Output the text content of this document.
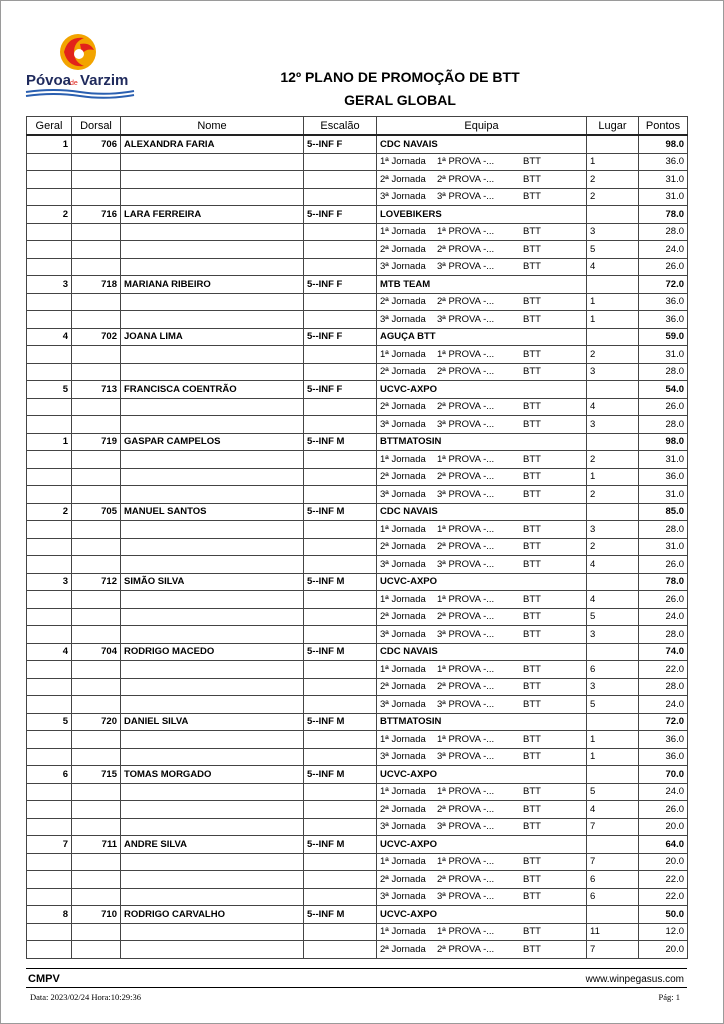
Póvoa
de Varzim	12º PLANO DE PROMOÇÃO DE BTT
GERAL GLOBAL
Geral	Dorsal	Nome	Escalão	Equipa	Lugar	Pontos
1	706	ALEXANDRA FARIA	5--INF F	CDC NAVAIS		98.0
				1ª Jornada 1ª PROVA -... BTT	1	36.0
				2ª Jornada 2ª PROVA -... BTT	2	31.0
				3ª Jornada 3ª PROVA -... BTT	2	31.0
2	716	LARA FERREIRA	5--INF F	LOVEBIKERS		78.0
				1ª Jornada 1ª PROVA -... BTT	3	28.0
				2ª Jornada 2ª PROVA -... BTT	5	24.0
				3ª Jornada 3ª PROVA -... BTT	4	26.0
3	718	MARIANA RIBEIRO	5--INF F	MTB TEAM		72.0
				2ª Jornada 2ª PROVA -... BTT	1	36.0
				3ª Jornada 3ª PROVA -... BTT	1	36.0
4	702	JOANA LIMA	5--INF F	AGUÇA BTT		59.0
				1ª Jornada 1ª PROVA -... BTT	2	31.0
				2ª Jornada 2ª PROVA -... BTT	3	28.0
5	713	FRANCISCA COENTRÃO	5--INF F	UCVC-AXPO		54.0
				2ª Jornada 2ª PROVA -... BTT	4	26.0
				3ª Jornada 3ª PROVA -... BTT	3	28.0
1	719	GASPAR CAMPELOS	5--INF M	BTTMATOSIN		98.0
				1ª Jornada 1ª PROVA -... BTT	2	31.0
				2ª Jornada 2ª PROVA -... BTT	1	36.0
				3ª Jornada 3ª PROVA -... BTT	2	31.0
2	705	MANUEL SANTOS	5--INF M	CDC NAVAIS		85.0
				1ª Jornada 1ª PROVA -... BTT	3	28.0
				2ª Jornada 2ª PROVA -... BTT	2	31.0
				3ª Jornada 3ª PROVA -... BTT	4	26.0
3	712	SIMÃO SILVA	5--INF M	UCVC-AXPO		78.0
				1ª Jornada 1ª PROVA -... BTT	4	26.0
				2ª Jornada 2ª PROVA -... BTT	5	24.0
				3ª Jornada 3ª PROVA -... BTT	3	28.0
4	704	RODRIGO MACEDO	5--INF M	CDC NAVAIS		74.0
				1ª Jornada 1ª PROVA -... BTT	6	22.0
				2ª Jornada 2ª PROVA -... BTT	3	28.0
				3ª Jornada 3ª PROVA -... BTT	5	24.0
5	720	DANIEL SILVA	5--INF M	BTTMATOSIN		72.0
				1ª Jornada 1ª PROVA -... BTT	1	36.0
				3ª Jornada 3ª PROVA -... BTT	1	36.0
6	715	TOMAS MORGADO	5--INF M	UCVC-AXPO		70.0
				1ª Jornada 1ª PROVA -... BTT	5	24.0
				2ª Jornada 2ª PROVA -... BTT	4	26.0
				3ª Jornada 3ª PROVA -... BTT	7	20.0
7	711	ANDRE SILVA	5--INF M	UCVC-AXPO		64.0
				1ª Jornada 1ª PROVA -... BTT	7	20.0
				2ª Jornada 2ª PROVA -... BTT	6	22.0
				3ª Jornada 3ª PROVA -... BTT	6	22.0
8	710	RODRIGO CARVALHO	5--INF M	UCVC-AXPO		50.0
				1ª Jornada 1ª PROVA -... BTT	11	12.0
				2ª Jornada 2ª PROVA -... BTT	7	20.0
CMPV	www.winpegasus.com
Data: 2023/02/24 Hora:10:29:36	Pág: 1
